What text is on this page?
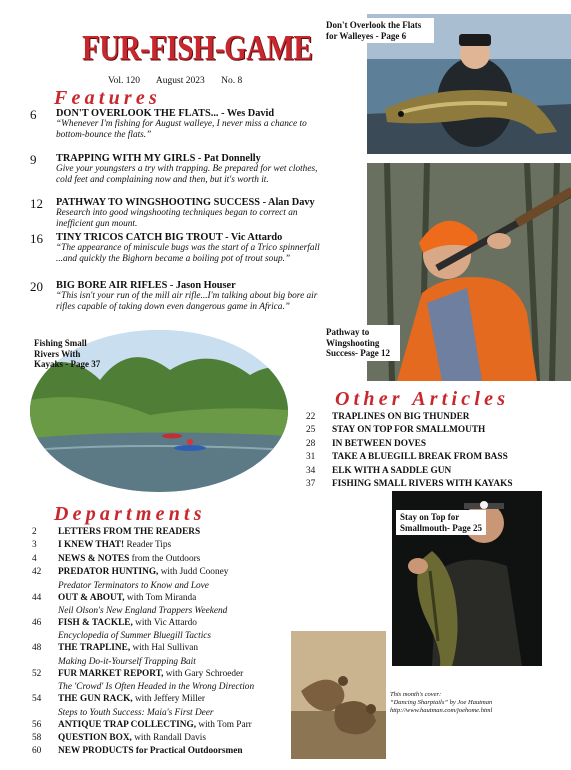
FUR-FISH-GAME
Vol. 120 August 2023 No. 8
Features
6	DON'T OVERLOOK THE FLATS... - Wes David
“Whenever I'm fishing for August walleye, I never miss a chance to bottom-bounce the flats.”
9	TRAPPING WITH MY GIRLS - Pat Donnelly
Give your youngsters a try with trapping. Be prepared for wet clothes, cold feet and complaining now and then, but it's worth it.
12	PATHWAY TO WINGSHOOTING SUCCESS - Alan Davy
Research into good wingshooting techniques began to correct an inefficient gun mount.
16	TINY TRICOS CATCH BIG TROUT - Vic Attardo
“The appearance of miniscule bugs was the start of a Trico spinnerfall ...and quickly the Bighorn became a boiling pot of trout soup.”
20	BIG BORE AIR RIFLES - Jason Houser
“This isn't your run of the mill air rifle...I'm talking about big bore air rifles capable of taking down even dangerous game in Africa.”
Don't Overlook the Flats for Walleyes - Page 6
Pathway to Wingshooting Success- Page 12
Fishing Small Rivers With Kayaks - Page 37
Other Articles
22	TRAPLINES ON BIG THUNDER
25	STAY ON TOP FOR SMALLMOUTH
28	IN BETWEEN DOVES
31	TAKE A BLUEGILL BREAK FROM BASS
34	ELK WITH A SADDLE GUN
37	FISHING SMALL RIVERS WITH KAYAKS
Departments
2	LETTERS FROM THE READERS
3	I KNEW THAT! Reader Tips
4	NEWS & NOTES from the Outdoors
42	PREDATOR HUNTING, with Judd Cooney
Predator Terminators to Know and Love
44	OUT & ABOUT, with Tom Miranda
Neil Olson's New England Trappers Weekend
46	FISH & TACKLE, with Vic Attardo
Encyclopedia of Summer Bluegill Tactics
48	THE TRAPLINE, with Hal Sullivan
Making Do-it-Yourself Trapping Bait
52	FUR MARKET REPORT, with Gary Schroeder
The 'Crowd' Is Often Headed in the Wrong Direction
54	THE GUN RACK, with Jeffery Miller
Steps to Youth Success: Maia's First Deer
56	ANTIQUE TRAP COLLECTING, with Tom Parr
58	QUESTION BOX, with Randall Davis
60	NEW PRODUCTS for Practical Outdoorsmen
Stay on Top for Smallmouth- Page 25
This month's cover:
“Dancing Sharptails” by Joe Hautman
http://www.hautman.com/joehome.html
